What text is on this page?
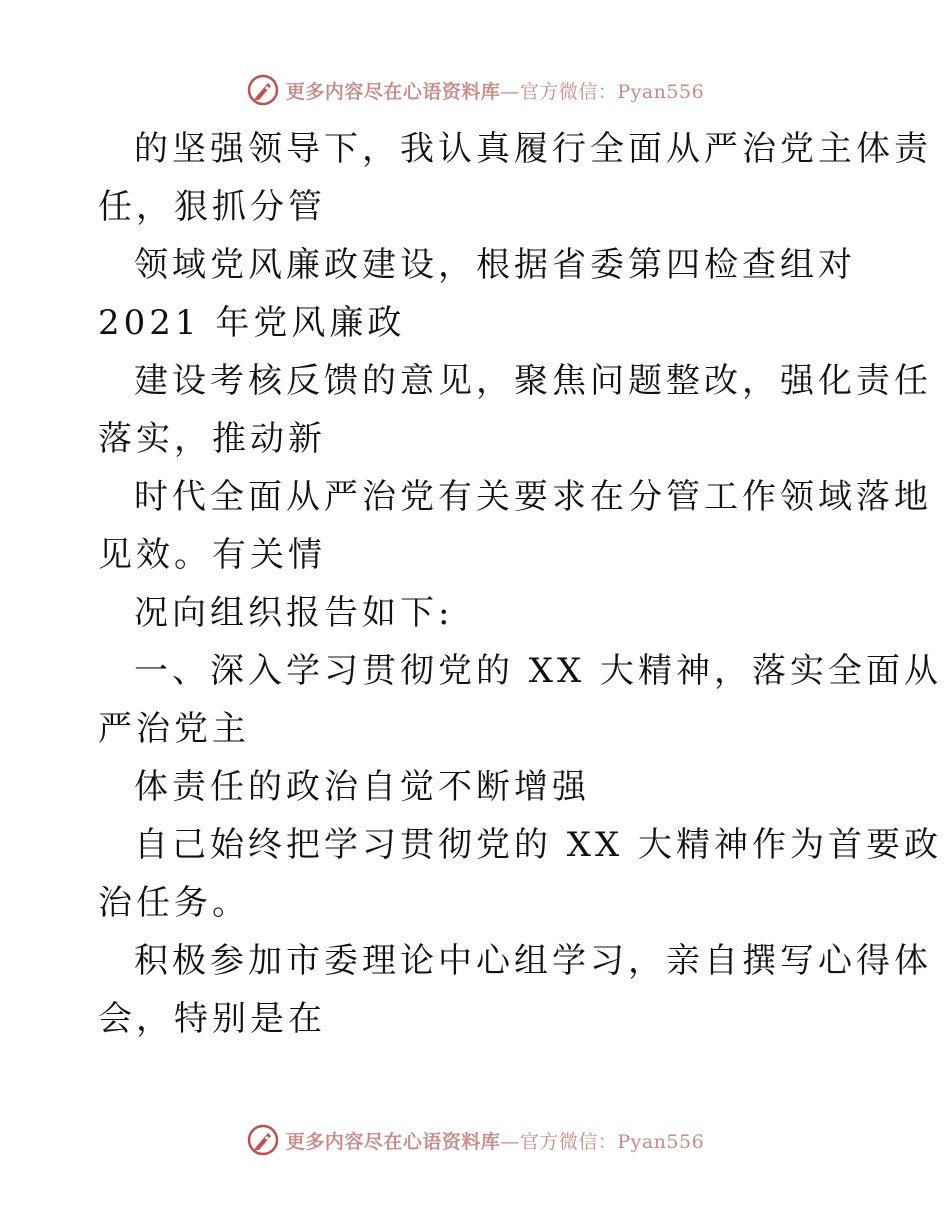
更多内容尽在心语资料库—官方微信：Pyan556
的坚强领导下，我认真履行全面从严治党主体责
任，狠抓分管
领域党风廉政建设，根据省委第四检查组对
2021 年党风廉政
建设考核反馈的意见，聚焦问题整改，强化责任
落实，推动新
时代全面从严治党有关要求在分管工作领域落地
见效。有关情
况向组织报告如下:
一、深入学习贯彻党的 XX 大精神，落实全面从
严治党主
体责任的政治自觉不断增强
自己始终把学习贯彻党的 XX 大精神作为首要政
治任务。
积极参加市委理论中心组学习，亲自撰写心得体
会，特别是在
更多内容尽在心语资料库—官方微信：Pyan556
